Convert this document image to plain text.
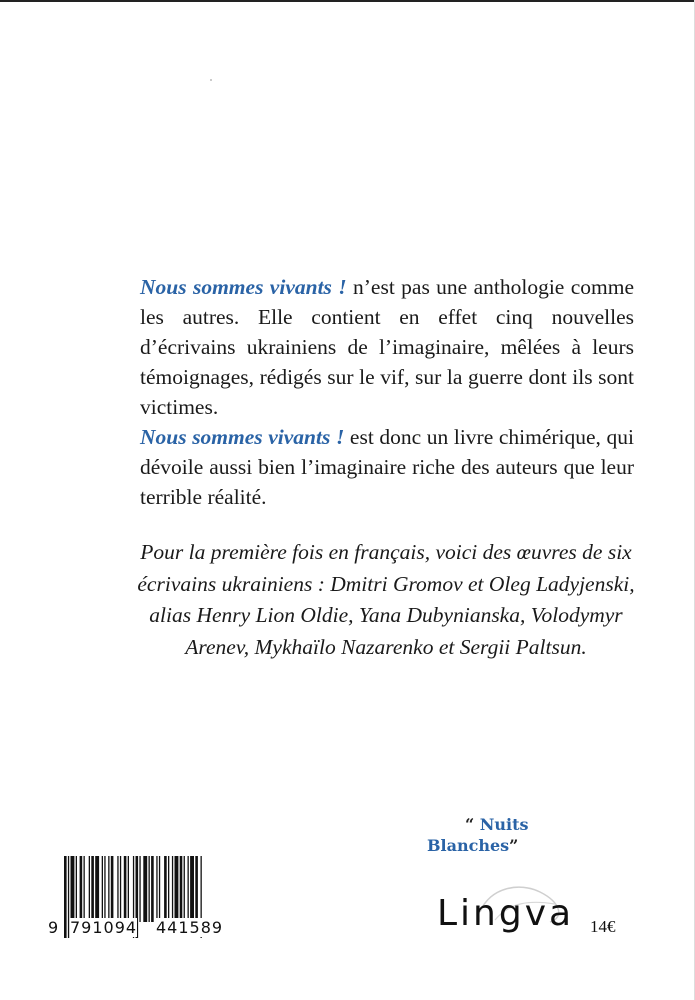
Nous sommes vivants ! n’est pas une anthologie comme les autres. Elle contient en effet cinq nouvelles d’écrivains ukrainiens de l’imaginaire, mêlées à leurs témoignages, rédigés sur le vif, sur la guerre dont ils sont victimes.

Nous sommes vivants ! est donc un livre chimérique, qui dévoile aussi bien l’imaginaire riche des auteurs que leur terrible réalité.

Pour la première fois en français, voici des œuvres de six écrivains ukrainiens : Dmitri Gromov et Oleg Ladyjenski, alias Henry Lion Oldie, Yana Dubynianska, Volodymyr Arenev, Mykhaïlo Nazarenko et Sergii Paltsun.
“ Nuits
Blanches”
9 791094 441589	Lingva 14€
